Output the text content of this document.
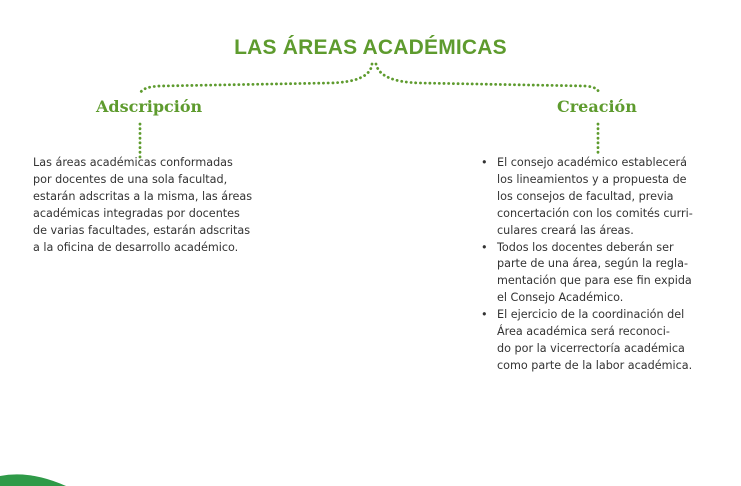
LAS ÁREAS ACADÉMICAS
Adscripción	Creación

Las áreas académicas conformadas
por docentes de una sola facultad,
estarán adscritas a la misma, las áreas
académicas integradas por docentes
de varias facultades, estarán adscritas
a la oficina de desarrollo académico.

• El consejo académico establecerá
los lineamientos y a propuesta de
los consejos de facultad, previa
concertación con los comités curri-
culares creará las áreas.
• Todos los docentes deberán ser
parte de una área, según la regla-
mentación que para ese fin expida
el Consejo Académico.
• El ejercicio de la coordinación del
Área académica será reconoci-
do por la vicerrectoría académica
como parte de la labor académica.
